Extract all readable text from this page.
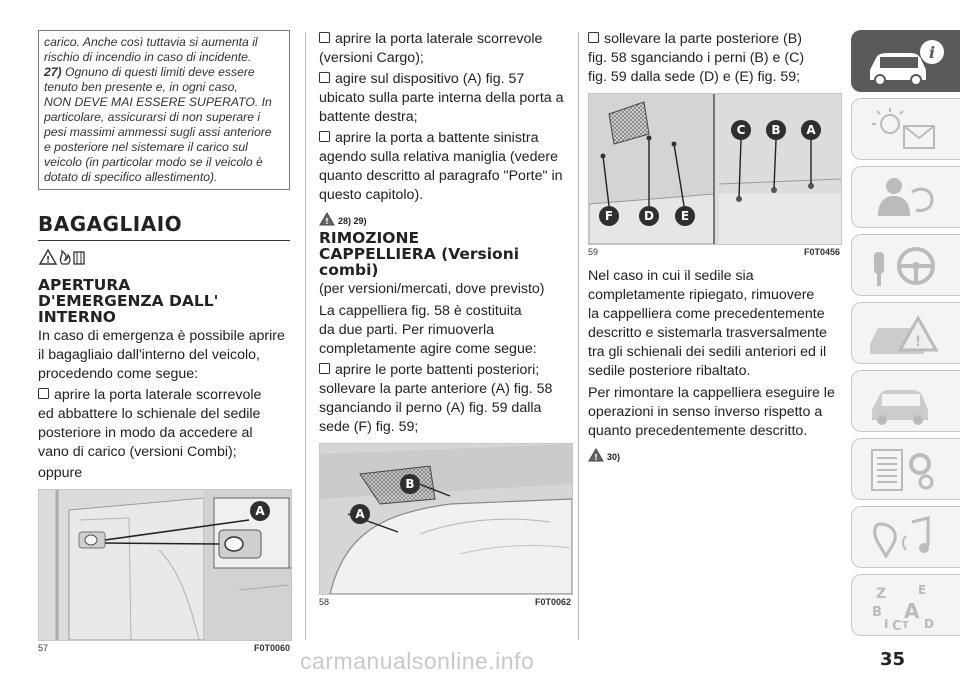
carico. Anche così tuttavia si aumenta il

rischio di incendio in caso di incidente.

27) Ognuno di questi limiti deve essere

tenuto ben presente e, in ogni caso,

NON DEVE MAI ESSERE SUPERATO. In

particolare, assicurarsi di non superare i

pesi massimi ammessi sugli assi anteriore

e posteriore nel sistemare il carico sul

veicolo (in particolar modo se il veicolo è

dotato di specifico allestimento).

BAGAGLIAIO
!
APERTURA
D'EMERGENZA DALL'
INTERNO
In caso di emergenza è possibile aprire
il bagagliaio dall'interno del veicolo,
procedendo come segue:
aprire la porta laterale scorrevole
ed abbattere lo schienale del sedile
posteriore in modo da accedere al
vano di carico (versioni Combi);
oppure
A
57	F0T0060
aprire la porta laterale scorrevole
(versioni Cargo);
agire sul dispositivo (A) fig. 57
ubicato sulla parte interna della porta a
battente destra;
aprire la porta a battente sinistra
agendo sulla relativa maniglia (vedere
quanto descritto al paragrafo "Porte" in
questo capitolo).
! 28) 29)
RIMOZIONE
CAPPELLIERA (Versioni
combi)
(per versioni/mercati, dove previsto)
La cappelliera fig. 58 è costituita
da due parti. Per rimuoverla
completamente agire come segue:
aprire le porte battenti posteriori;
sollevare la parte anteriore (A) fig. 58
sganciando il perno (A) fig. 59 dalla
sede (F) fig. 59;
B
A
58	F0T0062
sollevare la parte posteriore (B)
fig. 58 sganciando i perni (B) e (C)
fig. 59 dalla sede (D) e (E) fig. 59;
C	B	A
F	D	E
59	F0T0456
Nel caso in cui il sedile sia
completamente ripiegato, rimuovere
la cappelliera come precedentemente
descritto e sistemarla trasversalmente
tra gli schienali dei sedili anteriori ed il
sedile posteriore ribaltato.
Per rimontare la cappelliera eseguire le
operazioni in senso inverso rispetto a
quanto precedentemente descritto.
! 30)
i
!
Z	E
B A
I C T D
35
carmanualsonline.info
